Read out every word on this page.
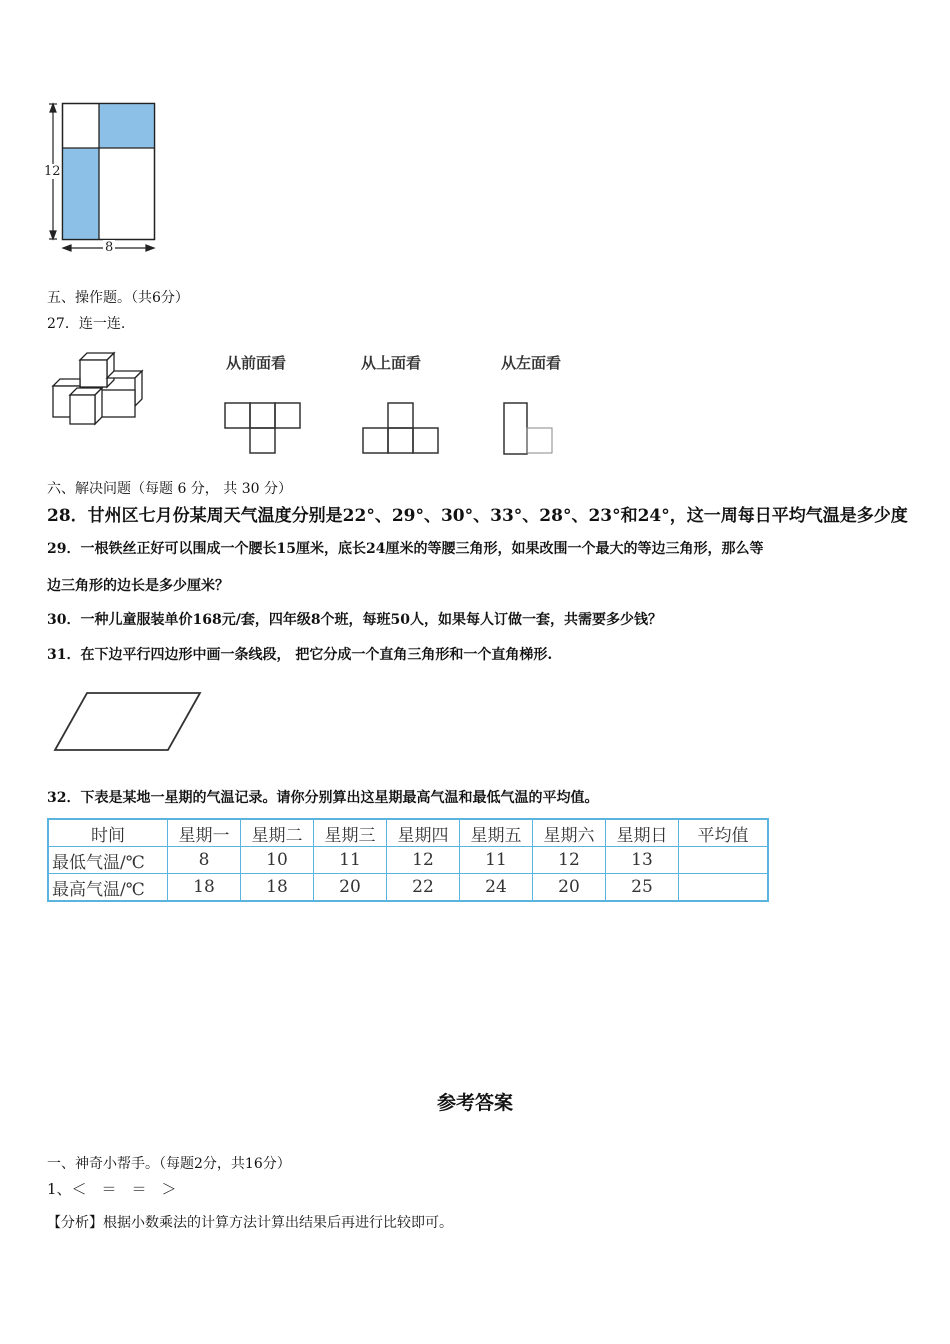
12
8
五、操作题。（共6分）
27．连一连.
从前面看	从上面看	从左面看
六、解决问题（每题 6 分， 共 30 分）
28．甘州区七月份某周天气温度分别是22°、29°、30°、33°、28°、23°和24°，这一周每日平均气温是多少度
29．一根铁丝正好可以围成一个腰长15厘米，底长24厘米的等腰三角形，如果改围一个最大的等边三角形，那么等
边三角形的边长是多少厘米？
30．一种儿童服装单价168元/套，四年级8个班，每班50人，如果每人订做一套，共需要多少钱？
31．在下边平行四边形中画一条线段， 把它分成一个直角三角形和一个直角梯形.
32．下表是某地一星期的气温记录。请你分别算出这星期最高气温和最低气温的平均值。
时间	星期一	星期二	星期三	星期四	星期五	星期六	星期日	平均值
最低气温/℃	8	10	11	12	11	12	13	
最高气温/℃	18	18	20	22	24	20	25	
参考答案
一、神奇小帮手。（每题2分，共16分）
1、＜　＝　＝　＞
【分析】根据小数乘法的计算方法计算出结果后再进行比较即可。
